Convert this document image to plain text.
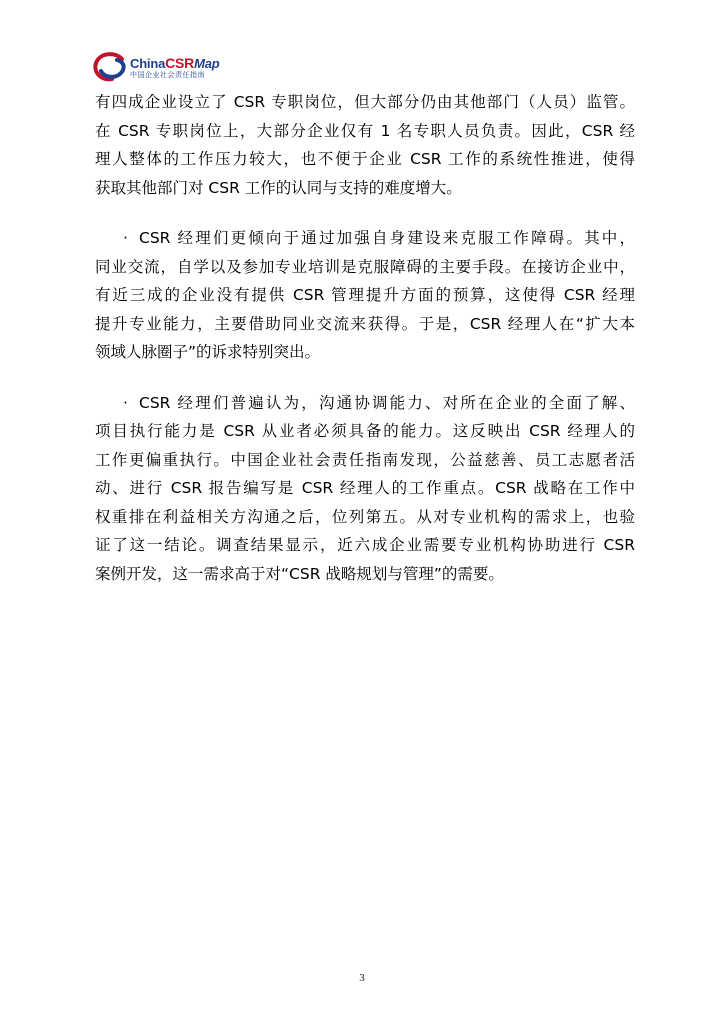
ChinaCSRMap
中国企业社会责任指南
有四成企业设立了 CSR 专职岗位，但大部分仍由其他部门（人员）监管。
在 CSR 专职岗位上，大部分企业仅有 1 名专职人员负责。因此，CSR 经
理人整体的工作压力较大，也不便于企业 CSR 工作的系统性推进，使得
获取其他部门对 CSR 工作的认同与支持的难度增大。
· CSR 经理们更倾向于通过加强自身建设来克服工作障碍。其中，
同业交流，自学以及参加专业培训是克服障碍的主要手段。在接访企业中，
有近三成的企业没有提供 CSR 管理提升方面的预算，这使得 CSR 经理
提升专业能力，主要借助同业交流来获得。于是，CSR 经理人在“扩大本
领域人脉圈子”的诉求特别突出。
· CSR 经理们普遍认为，沟通协调能力、对所在企业的全面了解、
项目执行能力是 CSR 从业者必须具备的能力。这反映出 CSR 经理人的
工作更偏重执行。中国企业社会责任指南发现，公益慈善、员工志愿者活
动、进行 CSR 报告编写是 CSR 经理人的工作重点。CSR 战略在工作中
权重排在利益相关方沟通之后，位列第五。从对专业机构的需求上，也验
证了这一结论。调查结果显示，近六成企业需要专业机构协助进行 CSR
案例开发，这一需求高于对“CSR 战略规划与管理”的需要。
3
